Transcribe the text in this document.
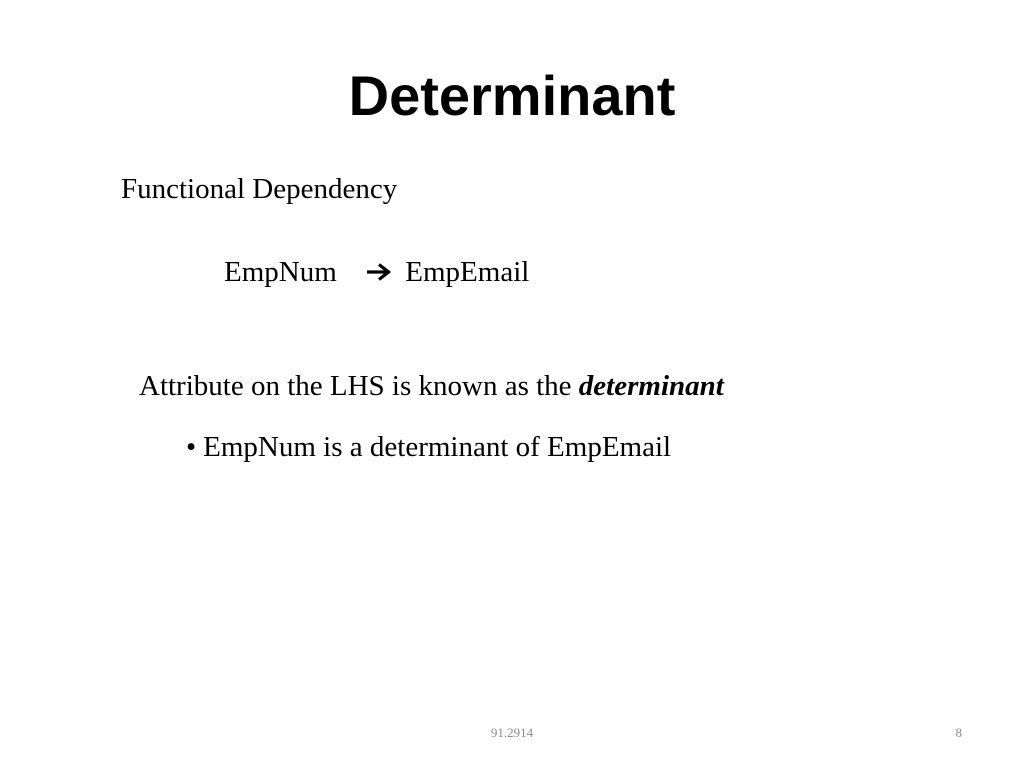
Determinant
Functional Dependency
EmpNum EmpEmail
Attribute on the LHS is known as the determinant
• EmpNum is a determinant of EmpEmail
91.2914	8
